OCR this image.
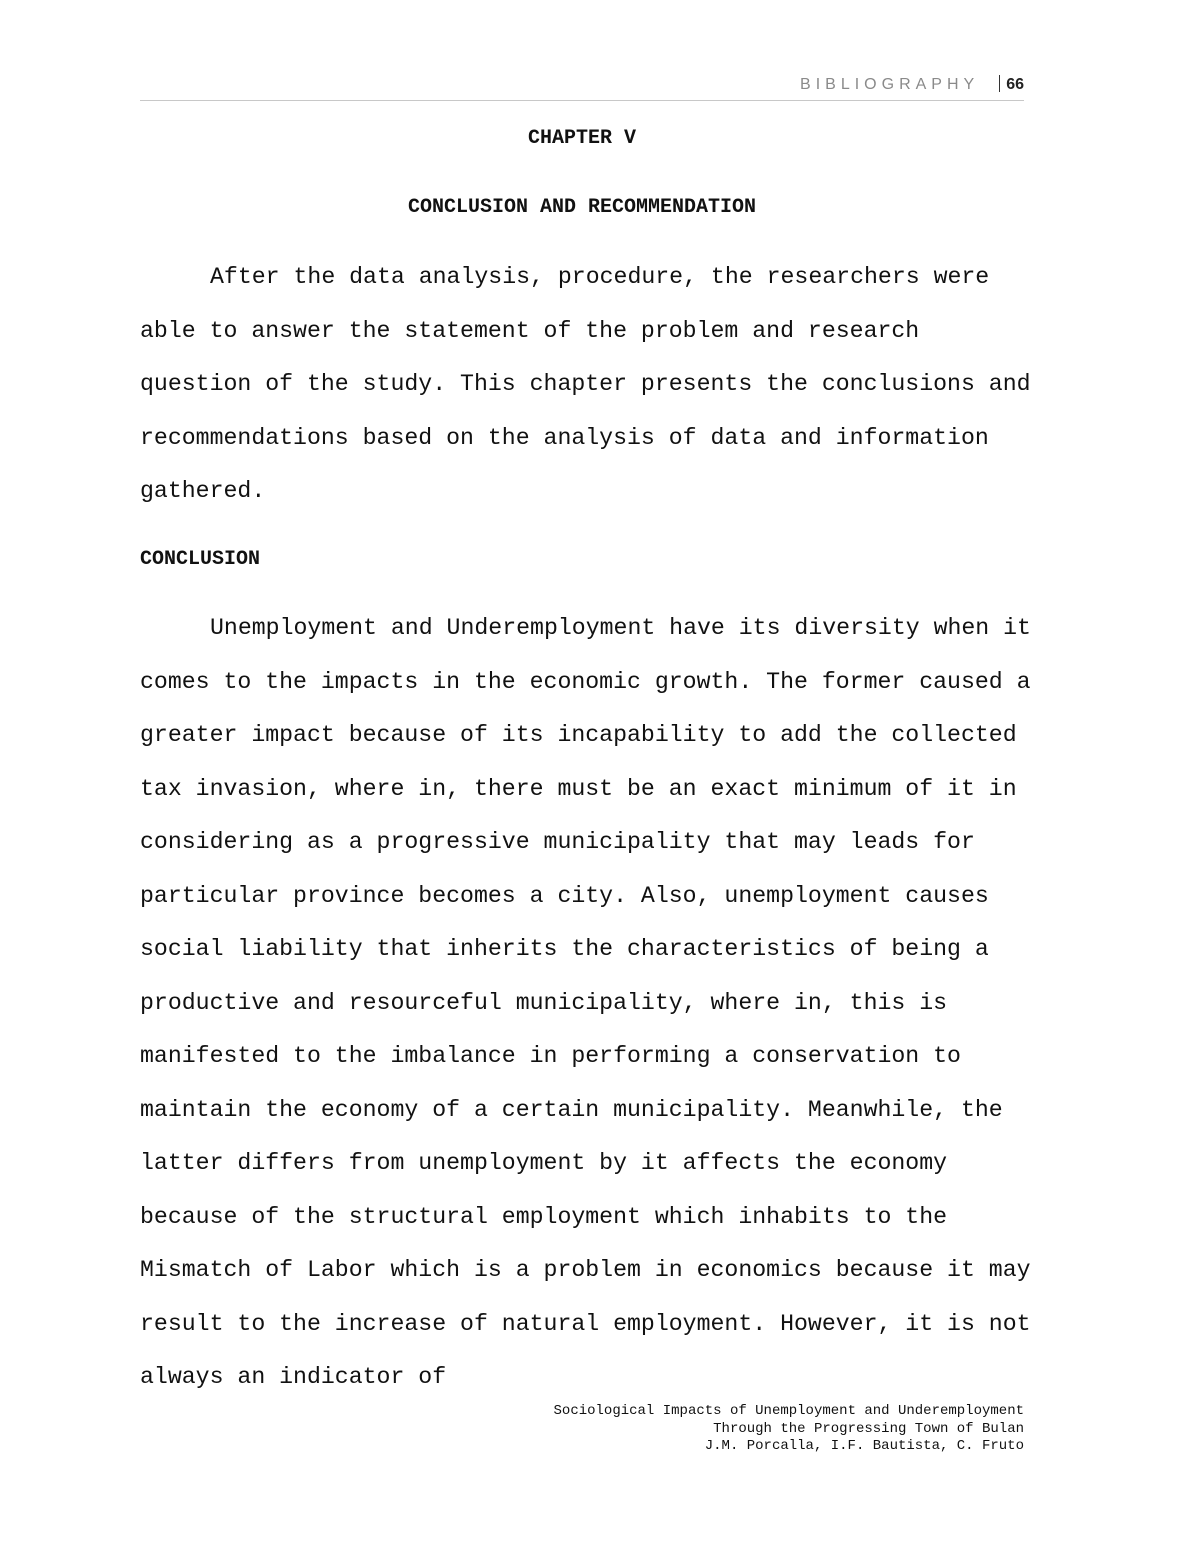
BIBLIOGRAPHY 66
CHAPTER V
CONCLUSION AND RECOMMENDATION

After the data analysis, procedure, the researchers were able to answer the statement of the problem and research question of the study. This chapter presents the conclusions and recommendations based on the analysis of data and information gathered.

CONCLUSION

Unemployment and Underemployment have its diversity when it comes to the impacts in the economic growth. The former caused a greater impact because of its incapability to add the collected tax invasion, where in, there must be an exact minimum of it in considering as a progressive municipality that may leads for  particular province becomes a city. Also, unemployment causes social liability that inherits the characteristics of being a productive and resourceful municipality, where in, this is manifested to the imbalance in performing a conservation to maintain the economy of a certain municipality. Meanwhile, the latter differs from unemployment by it affects the economy because of the structural employment which inhabits to the Mismatch of Labor which is a problem in economics because it may result to the increase of natural employment. However, it is not always an indicator of

Sociological Impacts of Unemployment and Underemployment
Through the Progressing Town of Bulan
J.M. Porcalla, I.F. Bautista, C. Fruto
